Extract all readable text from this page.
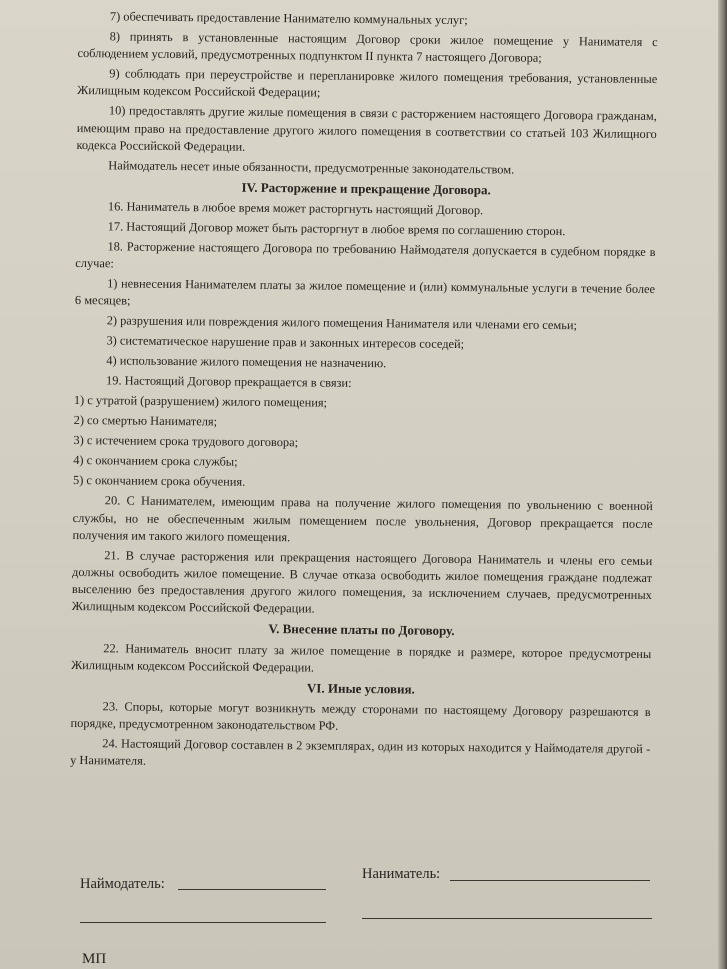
7) обеспечивать предоставление Нанимателю коммунальных услуг;

8) принять в установленные настоящим Договор сроки жилое помещение у Нанимателя с соблюдением условий, предусмотренных подпунктом II пункта 7 настоящего Договора;

9) соблюдать при переустройстве и перепланировке жилого помещения требования, установленные Жилищным кодексом Российской Федерации;

10) предоставлять другие жилые помещения в связи с расторжением настоящего Договора гражданам, имеющим право на предоставление другого жилого помещения в соответствии со статьей 103 Жилищного кодекса Российской Федерации.

Наймодатель несет иные обязанности, предусмотренные законодательством.

IV. Расторжение и прекращение Договора.

16. Наниматель в любое время может расторгнуть настоящий Договор.

17. Настоящий Договор может быть расторгнут в любое время по соглашению сторон.

18. Расторжение настоящего Договора по требованию Наймодателя допускается в судебном порядке в случае:

1) невнесения Нанимателем платы за жилое помещение и (или) коммунальные услуги в течение более 6 месяцев;

2) разрушения или повреждения жилого помещения Нанимателя или членами его семьи;

3) систематическое нарушение прав и законных интересов соседей;

4) использование жилого помещения не назначению.

19. Настоящий Договор прекращается в связи:

1) с утратой (разрушением) жилого помещения;

2) со смертью Нанимателя;

3) с истечением срока трудового договора;

4) с окончанием срока службы;

5) с окончанием срока обучения.

20. С Нанимателем, имеющим права на получение жилого помещения по увольнению с военной службы, но не обеспеченным жилым помещением после увольнения, Договор прекращается после получения им такого жилого помещения.

21. В случае расторжения или прекращения настоящего Договора Наниматель и члены его семьи должны освободить жилое помещение. В случае отказа освободить жилое помещения граждане подлежат выселению без предоставления другого жилого помещения, за исключением случаев, предусмотренных Жилищным кодексом Российской Федерации.

V. Внесение платы по Договору.

22. Наниматель вносит плату за жилое помещение в порядке и размере, которое предусмотрены Жилищным кодексом Российской Федерации.

VI. Иные условия.

23. Споры, которые могут возникнуть между сторонами по настоящему Договору разрешаются в порядке, предусмотренном законодательством РФ.

24. Настоящий Договор составлен в 2 экземплярах, один из которых находится у Наймодателя другой - у Нанимателя.

Наймодатель:
Наниматель:
МП
